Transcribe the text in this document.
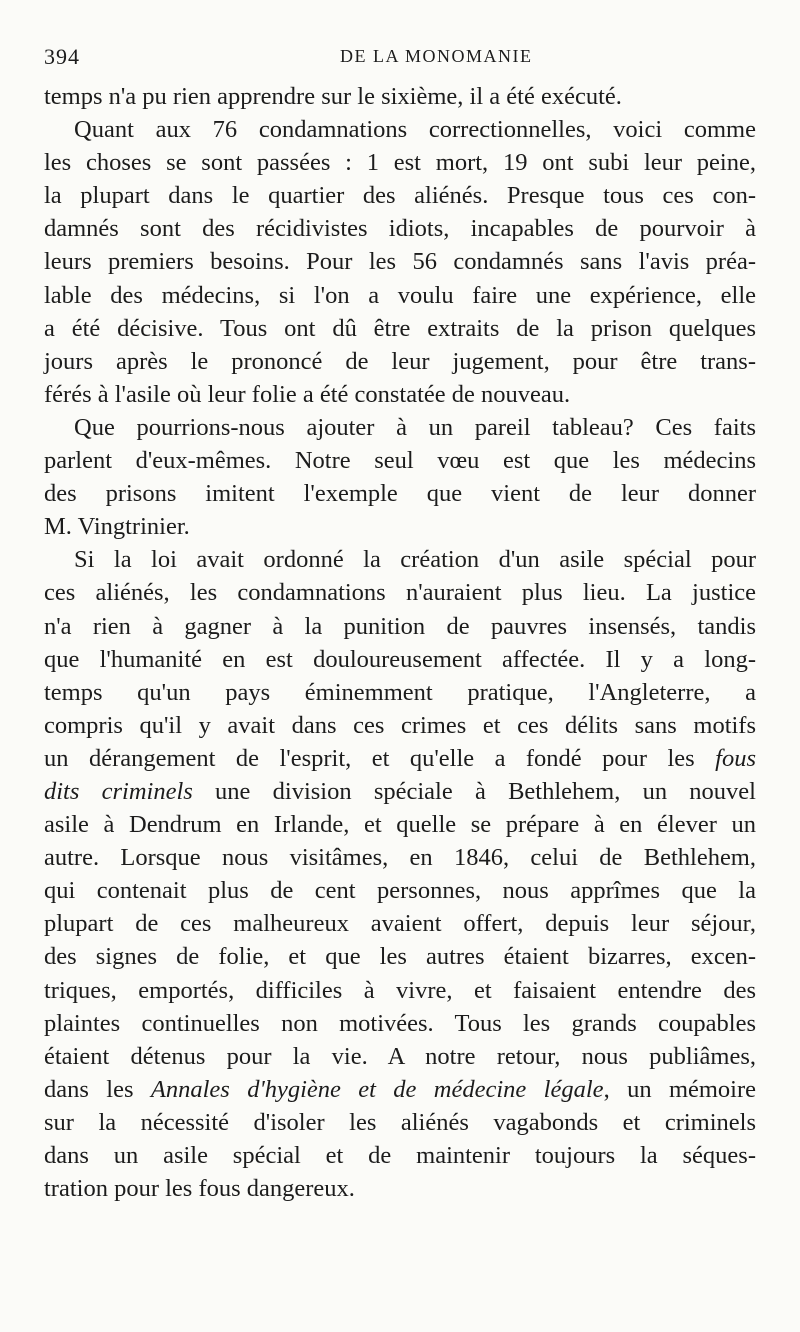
394	DE LA MONOMANIE
temps n'a pu rien apprendre sur le sixième, il a été exécuté.
Quant aux 76 condamnations correctionnelles, voici comme
les choses se sont passées : 1 est mort, 19 ont subi leur peine,
la plupart dans le quartier des aliénés. Presque tous ces con-
damnés sont des récidivistes idiots, incapables de pourvoir à
leurs premiers besoins. Pour les 56 condamnés sans l'avis préa-
lable des médecins, si l'on a voulu faire une expérience, elle
a été décisive. Tous ont dû être extraits de la prison quelques
jours après le prononcé de leur jugement, pour être trans-
férés à l'asile où leur folie a été constatée de nouveau.
Que pourrions-nous ajouter à un pareil tableau? Ces faits
parlent d'eux-mêmes. Notre seul vœu est que les médecins
des prisons imitent l'exemple que vient de leur donner
M. Vingtrinier.
Si la loi avait ordonné la création d'un asile spécial pour
ces aliénés, les condamnations n'auraient plus lieu. La justice
n'a rien à gagner à la punition de pauvres insensés, tandis
que l'humanité en est douloureusement affectée. Il y a long-
temps qu'un pays éminemment pratique, l'Angleterre, a
compris qu'il y avait dans ces crimes et ces délits sans motifs
un dérangement de l'esprit, et qu'elle a fondé pour les fous
dits criminels une division spéciale à Bethlehem, un nouvel
asile à Dendrum en Irlande, et quelle se prépare à en élever un
autre. Lorsque nous visitâmes, en 1846, celui de Bethlehem,
qui contenait plus de cent personnes, nous apprîmes que la
plupart de ces malheureux avaient offert, depuis leur séjour,
des signes de folie, et que les autres étaient bizarres, excen-
triques, emportés, difficiles à vivre, et faisaient entendre des
plaintes continuelles non motivées. Tous les grands coupables
étaient détenus pour la vie. A notre retour, nous publiâmes,
dans les Annales d'hygiène et de médecine légale, un mémoire
sur la nécessité d'isoler les aliénés vagabonds et criminels
dans un asile spécial et de maintenir toujours la séques-
tration pour les fous dangereux.
